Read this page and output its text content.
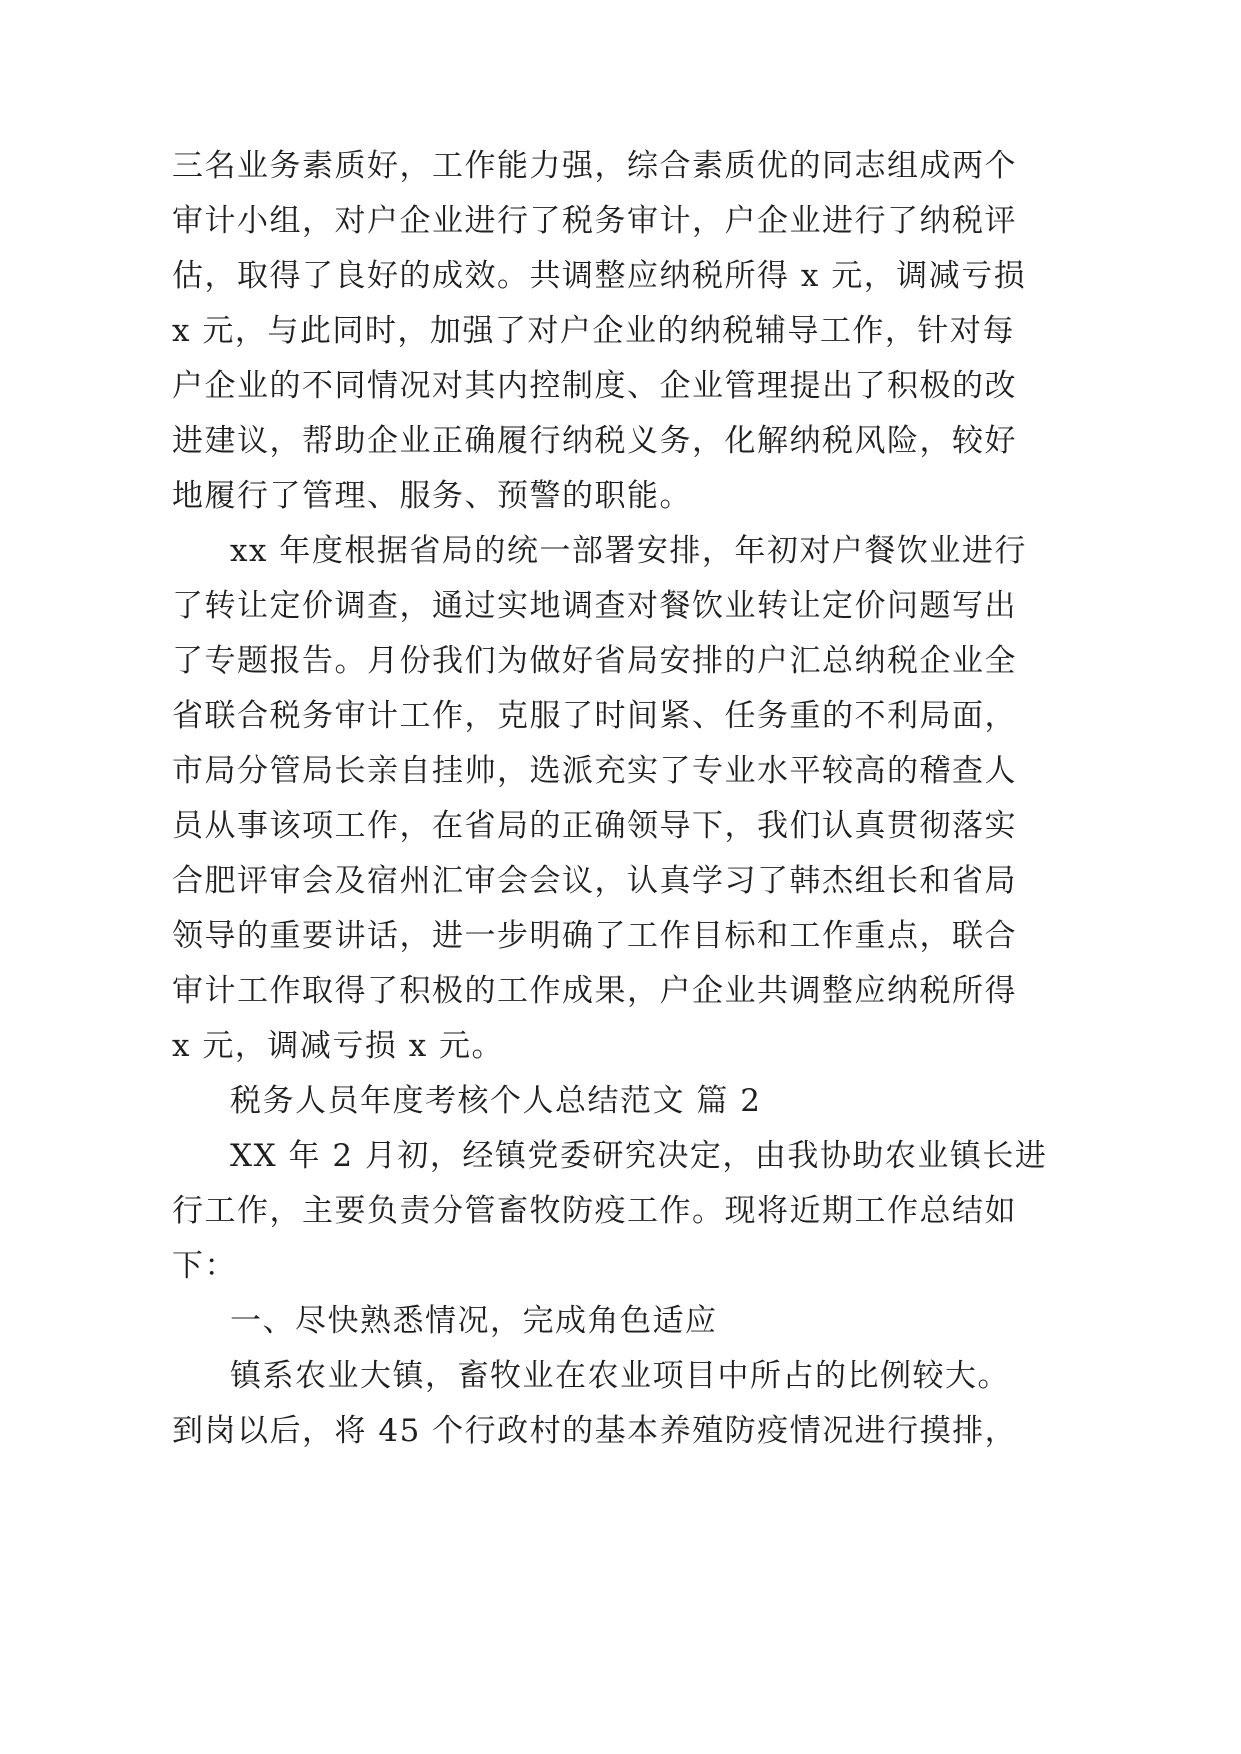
三名业务素质好，工作能力强，综合素质优的同志组成两个
审计小组，对户企业进行了税务审计，户企业进行了纳税评
估，取得了良好的成效。共调整应纳税所得 x 元，调减亏损
x 元，与此同时，加强了对户企业的纳税辅导工作，针对每
户企业的不同情况对其内控制度、企业管理提出了积极的改
进建议，帮助企业正确履行纳税义务，化解纳税风险，较好
地履行了管理、服务、预警的职能。
xx 年度根据省局的统一部署安排，年初对户餐饮业进行
了转让定价调查，通过实地调查对餐饮业转让定价问题写出
了专题报告。月份我们为做好省局安排的户汇总纳税企业全
省联合税务审计工作，克服了时间紧、任务重的不利局面，
市局分管局长亲自挂帅，选派充实了专业水平较高的稽查人
员从事该项工作，在省局的正确领导下，我们认真贯彻落实
合肥评审会及宿州汇审会会议，认真学习了韩杰组长和省局
领导的重要讲话，进一步明确了工作目标和工作重点，联合
审计工作取得了积极的工作成果，户企业共调整应纳税所得
x 元，调减亏损 x 元。
税务人员年度考核个人总结范文 篇 2
XX 年 2 月初，经镇党委研究决定，由我协助农业镇长进
行工作，主要负责分管畜牧防疫工作。现将近期工作总结如
下：
一、尽快熟悉情况，完成角色适应
镇系农业大镇，畜牧业在农业项目中所占的比例较大。
到岗以后，将 45 个行政村的基本养殖防疫情况进行摸排，
